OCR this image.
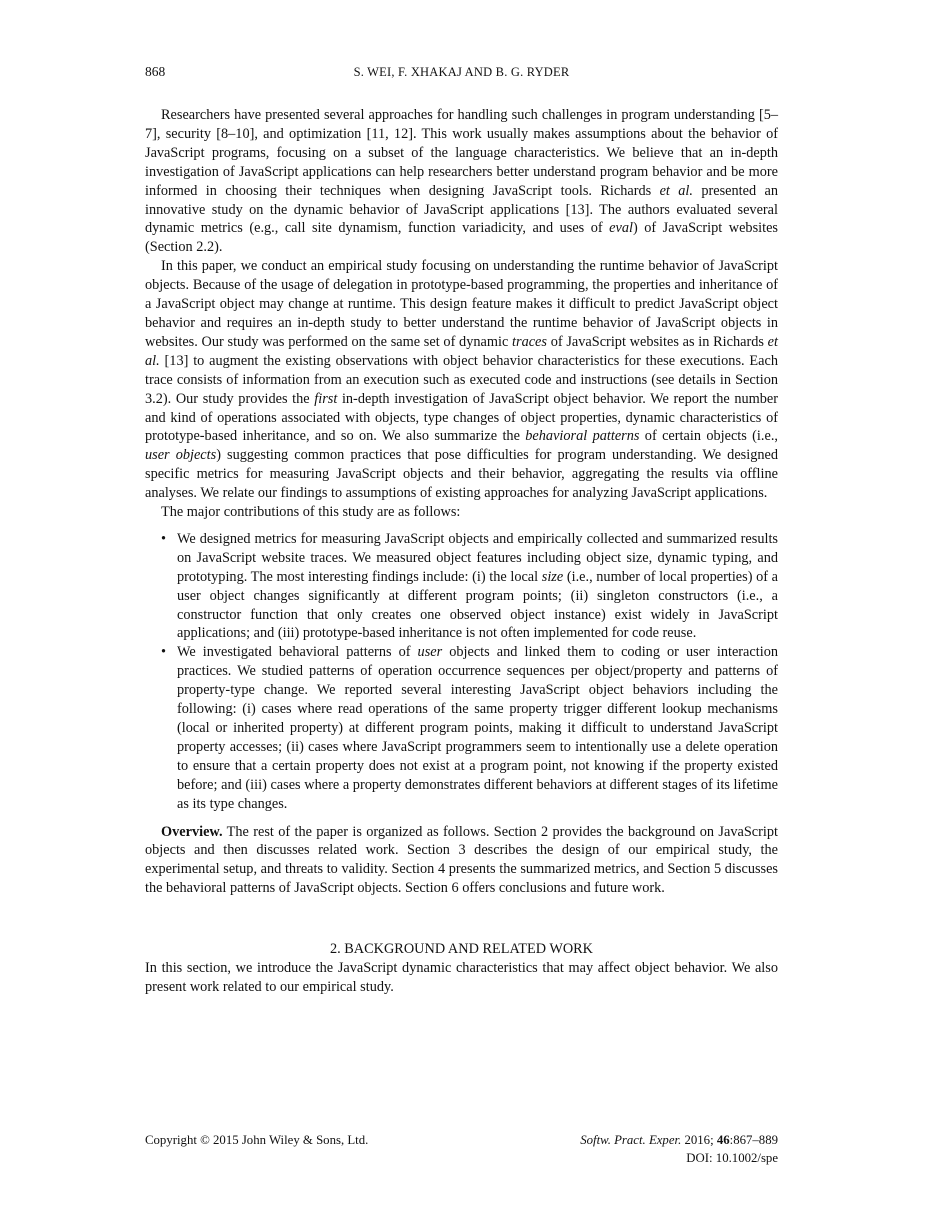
868	S. WEI, F. XHAKAJ AND B. G. RYDER

Researchers have presented several approaches for handling such challenges in program understanding [5–7], security [8–10], and optimization [11, 12]. This work usually makes assumptions about the behavior of JavaScript programs, focusing on a subset of the language characteristics. We believe that an in-depth investigation of JavaScript applications can help researchers better understand program behavior and be more informed in choosing their techniques when designing JavaScript tools. Richards et al. presented an innovative study on the dynamic behavior of JavaScript applications [13]. The authors evaluated several dynamic metrics (e.g., call site dynamism, function variadicity, and uses of eval) of JavaScript websites (Section 2.2).

In this paper, we conduct an empirical study focusing on understanding the runtime behavior of JavaScript objects. Because of the usage of delegation in prototype-based programming, the properties and inheritance of a JavaScript object may change at runtime. This design feature makes it difficult to predict JavaScript object behavior and requires an in-depth study to better understand the runtime behavior of JavaScript objects in websites. Our study was performed on the same set of dynamic traces of JavaScript websites as in Richards et al. [13] to augment the existing observations with object behavior characteristics for these executions. Each trace consists of information from an execution such as executed code and instructions (see details in Section 3.2). Our study provides the first in-depth investigation of JavaScript object behavior. We report the number and kind of operations associated with objects, type changes of object properties, dynamic characteristics of prototype-based inheritance, and so on. We also summarize the behavioral patterns of certain objects (i.e., user objects) suggesting common practices that pose difficulties for program understanding. We designed specific metrics for measuring JavaScript objects and their behavior, aggregating the results via offline analyses. We relate our findings to assumptions of existing approaches for analyzing JavaScript applications.

The major contributions of this study are as follows:

• We designed metrics for measuring JavaScript objects and empirically collected and summarized results on JavaScript website traces. We measured object features including object size, dynamic typing, and prototyping. The most interesting findings include: (i) the local size (i.e., number of local properties) of a user object changes significantly at different program points; (ii) singleton constructors (i.e., a constructor function that only creates one observed object instance) exist widely in JavaScript applications; and (iii) prototype-based inheritance is not often implemented for code reuse.
• We investigated behavioral patterns of user objects and linked them to coding or user interaction practices. We studied patterns of operation occurrence sequences per object/property and patterns of property-type change. We reported several interesting JavaScript object behaviors including the following: (i) cases where read operations of the same property trigger different lookup mechanisms (local or inherited property) at different program points, making it difficult to understand JavaScript property accesses; (ii) cases where JavaScript programmers seem to intentionally use a delete operation to ensure that a certain property does not exist at a program point, not knowing if the property existed before; and (iii) cases where a property demonstrates different behaviors at different stages of its lifetime as its type changes.

Overview. The rest of the paper is organized as follows. Section 2 provides the background on JavaScript objects and then discusses related work. Section 3 describes the design of our empirical study, the experimental setup, and threats to validity. Section 4 presents the summarized metrics, and Section 5 discusses the behavioral patterns of JavaScript objects. Section 6 offers conclusions and future work.

2. BACKGROUND AND RELATED WORK

In this section, we introduce the JavaScript dynamic characteristics that may affect object behavior. We also present work related to our empirical study.

Copyright © 2015 John Wiley & Sons, Ltd.	Softw. Pract. Exper. 2016; 46:867–889
DOI: 10.1002/spe
